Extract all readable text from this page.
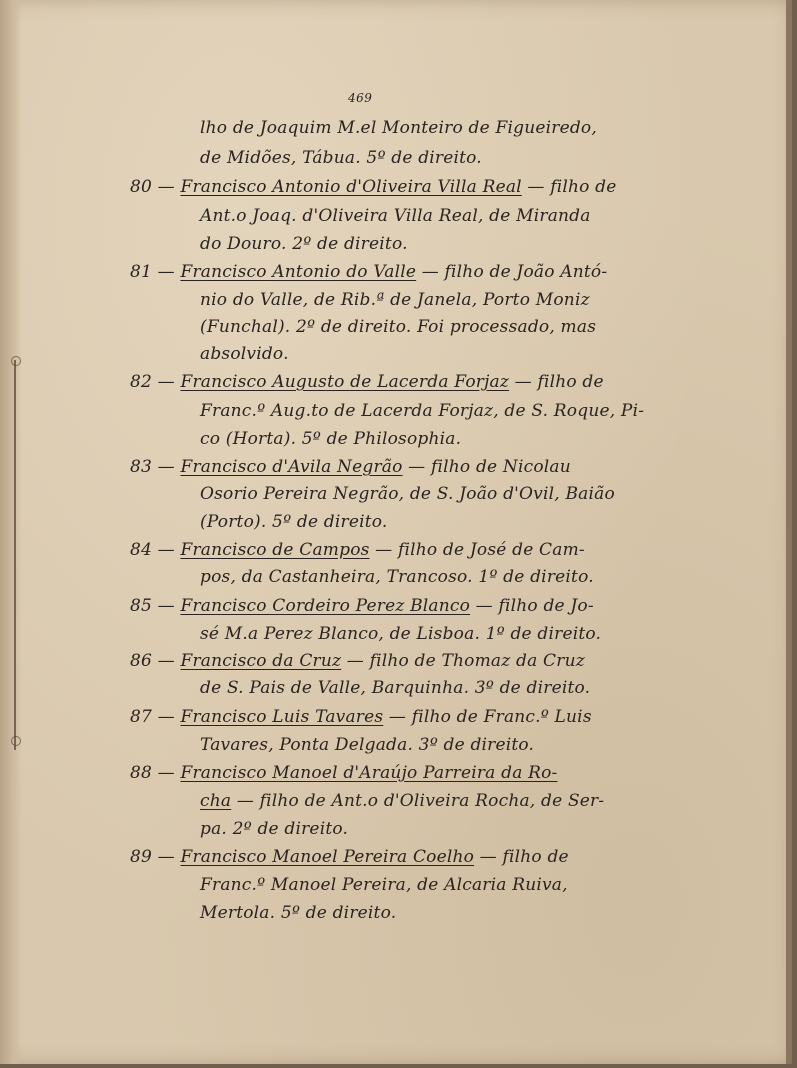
469
lho de Joaquim M.el Monteiro de Figueiredo,
de Midões, Tábua. 5º de direito.
80 — Francisco Antonio d'Oliveira Villa Real — filho de
Ant.o Joaq. d'Oliveira Villa Real, de Miranda
do Douro. 2º de direito.
81 — Francisco Antonio do Valle — filho de João Antó-
nio do Valle, de Rib.ª de Janela, Porto Moniz
(Funchal). 2º de direito. Foi processado, mas
absolvido.
82 — Francisco Augusto de Lacerda Forjaz — filho de
Franc.º Aug.to de Lacerda Forjaz, de S. Roque, Pi-
co (Horta). 5º de Philosophia.
83 — Francisco d'Avila Negrão — filho de Nicolau
Osorio Pereira Negrão, de S. João d'Ovil, Baião
(Porto). 5º de direito.
84 — Francisco de Campos — filho de José de Cam-
pos, da Castanheira, Trancoso. 1º de direito.
85 — Francisco Cordeiro Perez Blanco — filho de Jo-
sé M.a Perez Blanco, de Lisboa. 1º de direito.
86 — Francisco da Cruz — filho de Thomaz da Cruz
de S. Pais de Valle, Barquinha. 3º de direito.
87 — Francisco Luis Tavares — filho de Franc.º Luis
Tavares, Ponta Delgada. 3º de direito.
88 — Francisco Manoel d'Araújo Parreira da Ro-
cha — filho de Ant.o d'Oliveira Rocha, de Ser-
pa. 2º de direito.
89 — Francisco Manoel Pereira Coelho — filho de
Franc.º Manoel Pereira, de Alcaria Ruiva,
Mertola. 5º de direito.
